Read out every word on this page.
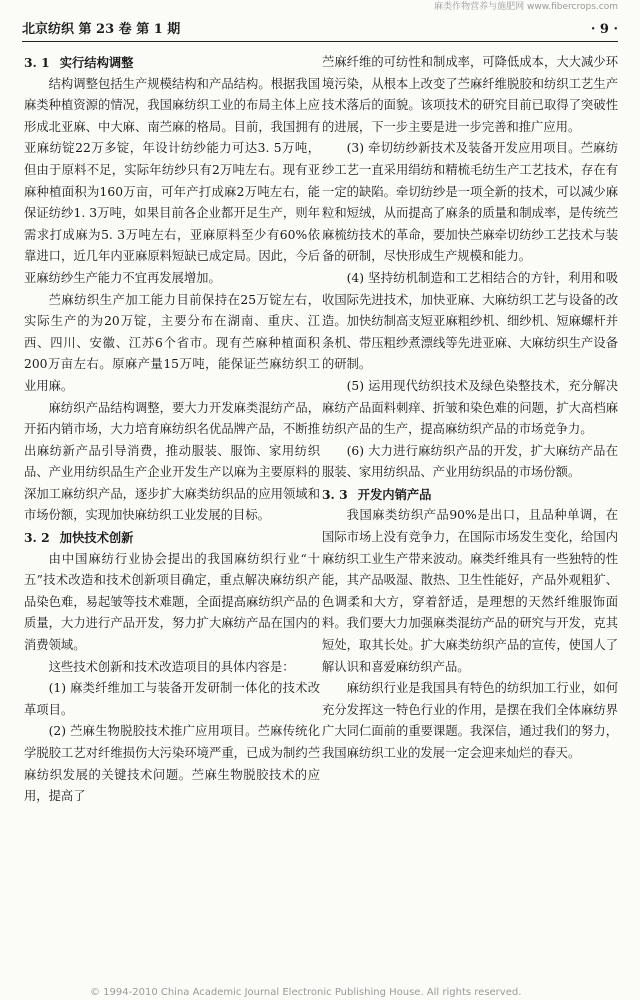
北京纺织 第 23 卷 第 1 期	· 9 ·
麻类作物营养与施肥网 www.fibercrops.com
3. 1 实行结构调整

结构调整包括生产规模结构和产品结构。根据我国麻类种植资源的情况，我国麻纺织工业的布局主体上应形成北亚麻、中大麻、南苎麻的格局。目前，我国拥有亚麻纺锭22万多锭，年设计纺纱能力可达3. 5万吨，但由于原料不足，实际年纺纱只有2万吨左右。现有亚麻种植面积为160万亩，可年产打成麻2万吨左右，能保证纺纱1. 3万吨，如果目前各企业都开足生产，则年需求打成麻为5. 3万吨左右，亚麻原料至少有60%依靠进口，近几年内亚麻原料短缺已成定局。因此，今后亚麻纺纱生产能力不宜再发展增加。

苎麻纺织生产加工能力目前保持在25万锭左右，实际生产的为20万锭，主要分布在湖南、重庆、江西、四川、安徽、江苏6个省市。现有苎麻种植面积200万亩左右。原麻产量15万吨，能保证苎麻纺织工业用麻。

麻纺织产品结构调整，要大力开发麻类混纺产品，开拓内销市场，大力培育麻纺织名优品牌产品，不断推出麻纺新产品引导消费，推动服装、服饰、家用纺织品、产业用纺织品生产企业开发生产以麻为主要原料的深加工麻纺织产品，逐步扩大麻类纺织品的应用领域和市场份额，实现加快麻纺织工业发展的目标。

3. 2 加快技术创新

由中国麻纺行业协会提出的我国麻纺织行业“十五”技术改造和技术创新项目确定，重点解决麻纺织产品染色难，易起皱等技术难题，全面提高麻纺织产品的质量，大力进行产品开发，努力扩大麻纺产品在国内的消费领域。

这些技术创新和技术改造项目的具体内容是：

(1) 麻类纤维加工与装备开发研制一体化的技术改革项目。

(2) 苎麻生物脱胶技术推广应用项目。苎麻传统化学脱胶工艺对纤维损伤大污染环境严重，已成为制约苎麻纺织发展的关键技术问题。苎麻生物脱胶技术的应用，提高了

苎麻纤维的可纺性和制成率，可降低成本，大大减少环境污染，从根本上改变了苎麻纤维脱胶和纺织工艺生产技术落后的面貌。该项技术的研究目前已取得了突破性的进展，下一步主要是进一步完善和推广应用。

(3) 牵切纺纱新技术及装备开发应用项目。苎麻纺纱工艺一直采用绢纺和精梳毛纺生产工艺技术，存在有一定的缺陷。牵切纺纱是一项全新的技术，可以减少麻粒和短绒，从而提高了麻条的质量和制成率，是传统苎麻梳纺技术的革命，要加快苎麻牵切纺纱工艺技术与装备的研制，尽快形成生产规模和能力。

(4) 坚持纺机制造和工艺相结合的方针，利用和吸收国际先进技术，加快亚麻、大麻纺织工艺与设备的改造。加快纺制高支短亚麻粗纱机、细纱机、短麻螺杆并条机、带压粗纱煮漂线等先进亚麻、大麻纺织生产设备的研制。

(5) 运用现代纺织技术及绿色染整技术，充分解决麻纺产品面料刺痒、折皱和染色难的问题，扩大高档麻纺织产品的生产，提高麻纺织产品的市场竞争力。

(6) 大力进行麻纺织产品的开发，扩大麻纺产品在服装、家用纺织品、产业用纺织品的市场份额。

3. 3 开发内销产品

我国麻类纺织产品90%是出口，且品种单调，在国际市场上没有竞争力，在国际市场发生变化，给国内麻纺织工业生产带来波动。麻类纤维具有一些独特的性能，其产品吸湿、散热、卫生性能好，产品外观粗犷、色调柔和大方，穿着舒适，是理想的天然纤维服饰面料。我们要大力加强麻类混纺产品的研究与开发，克其短处，取其长处。扩大麻类纺织产品的宣传，使国人了解认识和喜爱麻纺织产品。

麻纺织行业是我国具有特色的纺织加工行业，如何充分发挥这一特色行业的作用，是摆在我们全体麻纺界广大同仁面前的重要课题。我深信，通过我们的努力，我国麻纺织工业的发展一定会迎来灿烂的春天。

© 1994-2010 China Academic Journal Electronic Publishing House. All rights reserved.
